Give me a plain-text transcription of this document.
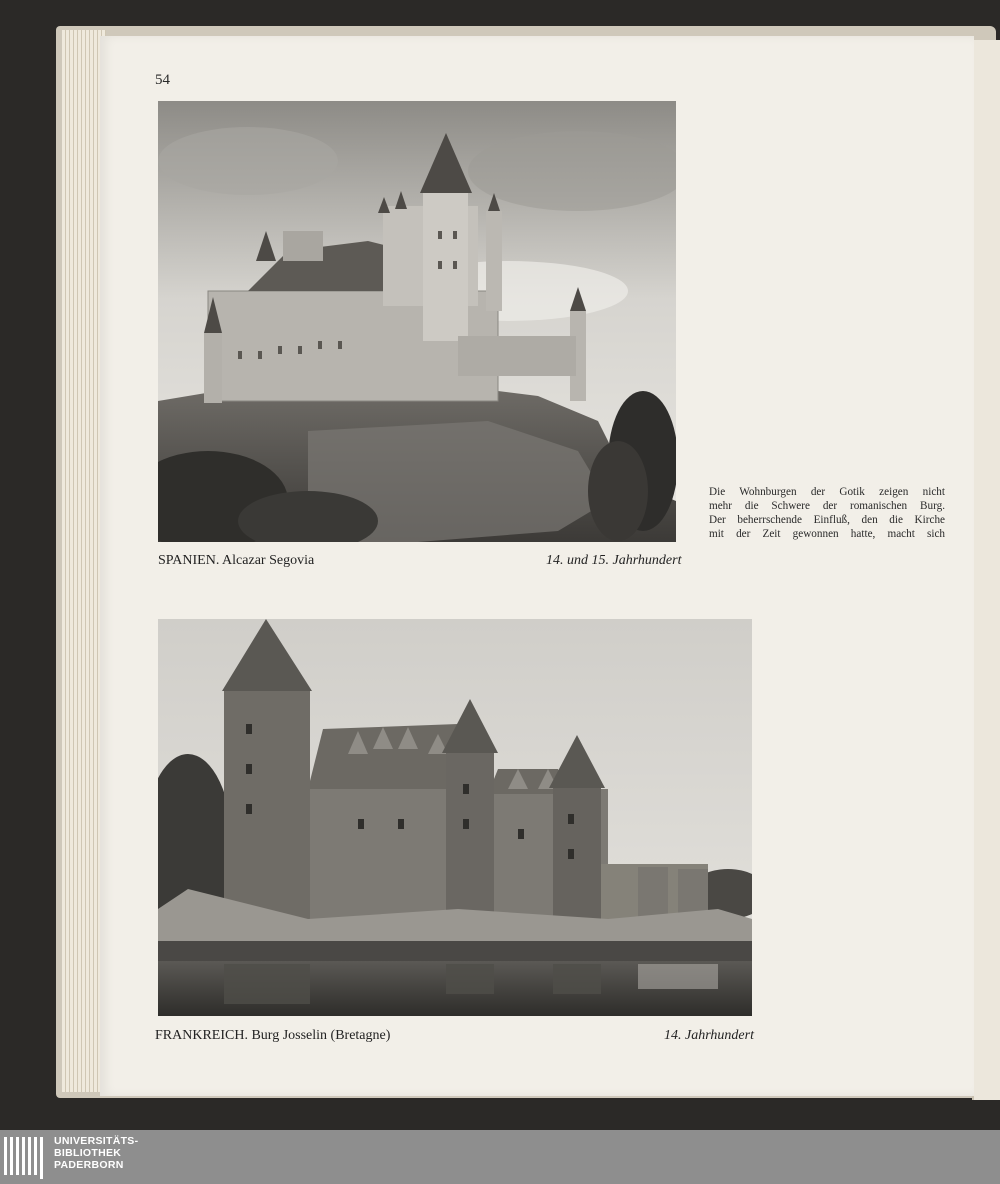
54
SPANIEN. Alcazar Segovia	14. und 15. Jahrhundert
Die Wohnburgen der Gotik zeigen nicht
mehr die Schwere der romanischen Burg.
Der beherrschende Einfluß, den die Kirche
mit der Zeit gewonnen hatte, macht sich
FRANKREICH. Burg Josselin (Bretagne)	14. Jahrhundert
UNIVERSITÄTS-
BIBLIOTHEK
PADERBORN
